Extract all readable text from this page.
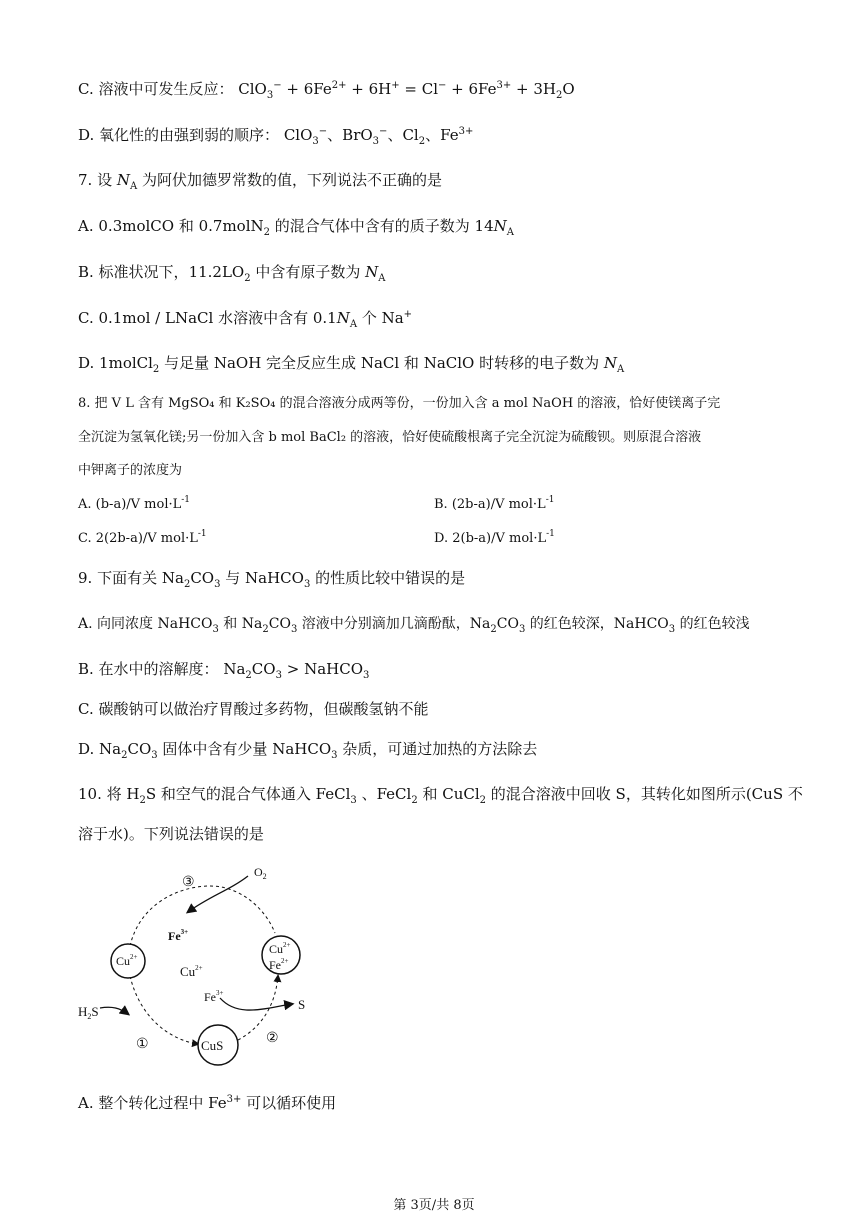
C. 溶液中可发生反应： $ClO_3^- + 6Fe^{2+} + 6H^+ = Cl^- + 6Fe^{3+} + 3H_2O$
D. 氧化性的由强到弱的顺序： ClO$_3$−、BrO$_3$−、$Cl_2$、$Fe^{3+}$
7. 设 $N_A$ 为阿伏加德罗常数的值，下列说法不正确的是
A. 0.3molCO 和 0.7molN$_2$ 的混合气体中含有的质子数为 $14N_A$
B. 标准状况下，$11.2LO_2$ 中含有原子数为 $N_A$
C. 0.1mol / LNaCl 水溶液中含有 $0.1N_A$ 个 Na+
D. 1molCl$_2$ 与足量 NaOH 完全反应生成 NaCl 和 NaClO 时转移的电子数为 $N_A$
8. 把 V L 含有 MgSO₄ 和 K₂SO₄ 的混合溶液分成两等份，一份加入含 a mol NaOH 的溶液，恰好使镁离子完
全沉淀为氢氧化镁;另一份加入含 b mol BaCl₂ 的溶液，恰好使硫酸根离子完全沉淀为硫酸钡。则原混合溶液
中钾离子的浓度为
A. (b-a)/V $mol\cdot L^{-1}$	B. (2b-a)/V $mol\cdot L^{-1}$
C. 2(2b-a)/V $mol\cdot L^{-1}$	D. 2(b-a)/V $mol\cdot L^{-1}$
9. 下面有关 $Na_2CO_3$ 与 NaHCO$_3$ 的性质比较中错误的是
A. 向同浓度 NaHCO$_3$ 和 $Na_2CO_3$ 溶液中分别滴加几滴酚酞，$Na_2CO_3$ 的红色较深，NaHCO$_3$ 的红色较浅
B. 在水中的溶解度： $Na_2CO_3$ > NaHCO$_3$
C. 碳酸钠可以做治疗胃酸过多药物，但碳酸氢钠不能
D. $Na_2CO_3$ 固体中含有少量 NaHCO$_3$ 杂质，可通过加热的方法除去
10. 将 $H_2S$ 和空气的混合气体通入 FeCl$_3$ 、FeCl$_2$ 和 CuCl$_2$ 的混合溶液中回收 S，其转化如图所示(CuS 不
溶于水)。下列说法错误的是
③
$O_2$
$Fe^{3+}$
$Cu^{2+}$
$Cu^{2+}$
$Cu^{2+}$
$Fe^{2+}$
$Fe^{3+}$
$H_2S$	S
①	CuS	②
A. 整个转化过程中 $Fe^{3+}$ 可以循环使用
第 3页/共 8页
